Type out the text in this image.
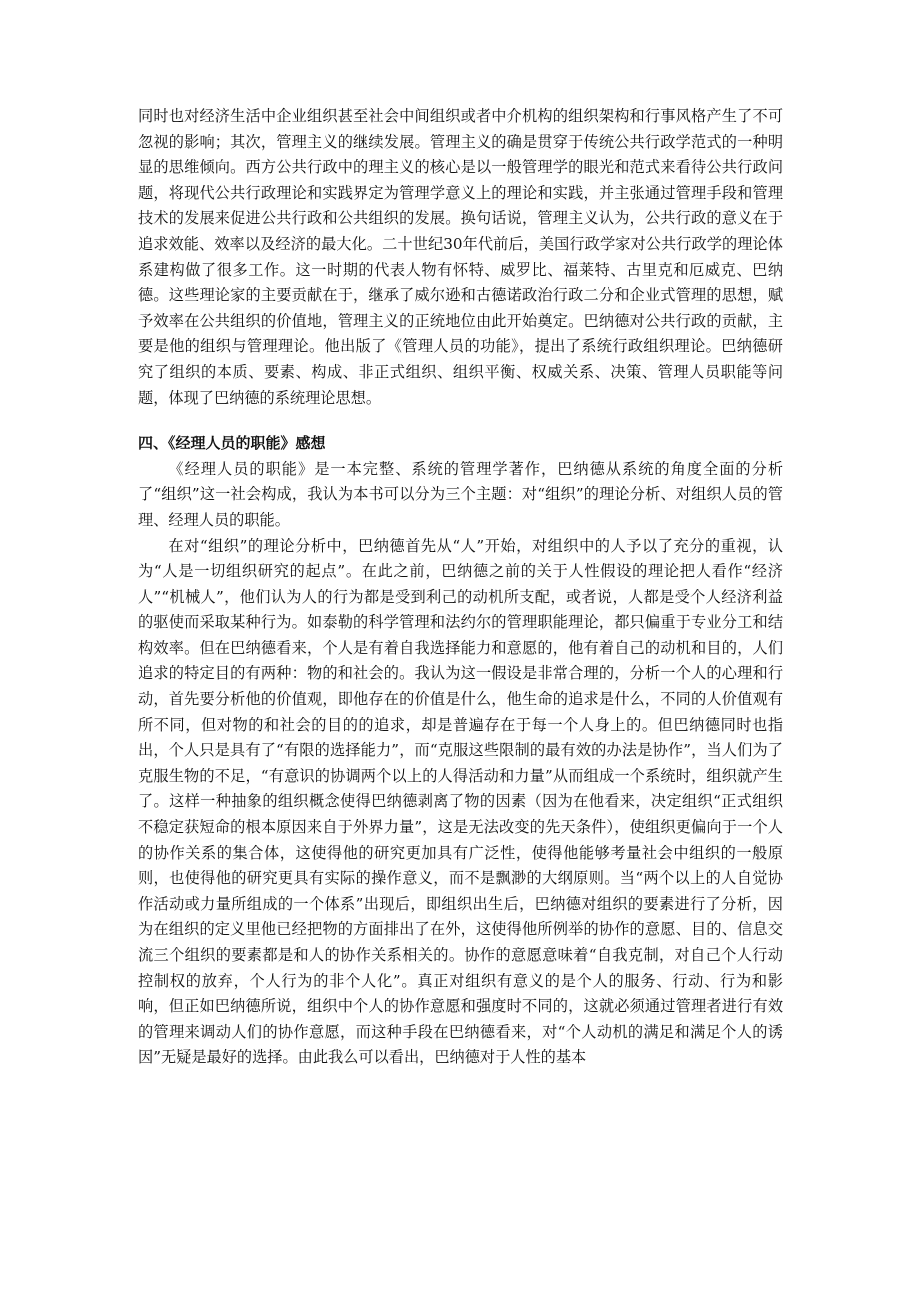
同时也对经济生活中企业组织甚至社会中间组织或者中介机构的组织架构和行事风格产生了不可忽视的影响；其次，管理主义的继续发展。管理主义的确是贯穿于传统公共行政学范式的一种明显的思维倾向。西方公共行政中的理主义的核心是以一般管理学的眼光和范式来看待公共行政问题，将现代公共行政理论和实践界定为管理学意义上的理论和实践，并主张通过管理手段和管理技术的发展来促进公共行政和公共组织的发展。换句话说，管理主义认为，公共行政的意义在于追求效能、效率以及经济的最大化。二十世纪30年代前后，美国行政学家对公共行政学的理论体系建构做了很多工作。这一时期的代表人物有怀特、威罗比、福莱特、古里克和厄威克、巴纳德。这些理论家的主要贡献在于，继承了威尔逊和古德诺政治行政二分和企业式管理的思想，赋予效率在公共组织的价值地，管理主义的正统地位由此开始奠定。巴纳德对公共行政的贡献，主要是他的组织与管理理论。他出版了《管理人员的功能》，提出了系统行政组织理论。巴纳德研究了组织的本质、要素、构成、非正式组织、组织平衡、权威关系、决策、管理人员职能等问题，体现了巴纳德的系统理论思想。

四、《经理人员的职能》感想

《经理人员的职能》是一本完整、系统的管理学著作，巴纳德从系统的角度全面的分析了“组织”这一社会构成，我认为本书可以分为三个主题：对“组织”的理论分析、对组织人员的管理、经理人员的职能。

在对“组织”的理论分析中，巴纳德首先从“人”开始，对组织中的人予以了充分的重视，认为“人是一切组织研究的起点”。在此之前，巴纳德之前的关于人性假设的理论把人看作“经济人”“机械人”，他们认为人的行为都是受到利己的动机所支配，或者说，人都是受个人经济利益的驱使而采取某种行为。如泰勒的科学管理和法约尔的管理职能理论，都只偏重于专业分工和结构效率。但在巴纳德看来，个人是有着自我选择能力和意愿的，他有着自己的动机和目的，人们追求的特定目的有两种：物的和社会的。我认为这一假设是非常合理的，分析一个人的心理和行动，首先要分析他的价值观，即他存在的价值是什么，他生命的追求是什么，不同的人价值观有所不同，但对物的和社会的目的的追求，却是普遍存在于每一个人身上的。但巴纳德同时也指出，个人只是具有了“有限的选择能力”，而“克服这些限制的最有效的办法是协作”，当人们为了克服生物的不足，“有意识的协调两个以上的人得活动和力量”从而组成一个系统时，组织就产生了。这样一种抽象的组织概念使得巴纳德剥离了物的因素（因为在他看来，决定组织“正式组织不稳定获短命的根本原因来自于外界力量”，这是无法改变的先天条件），使组织更偏向于一个人的协作关系的集合体，这使得他的研究更加具有广泛性，使得他能够考量社会中组织的一般原则，也使得他的研究更具有实际的操作意义，而不是飘渺的大纲原则。当“两个以上的人自觉协作活动或力量所组成的一个体系”出现后，即组织出生后，巴纳德对组织的要素进行了分析，因为在组织的定义里他已经把物的方面排出了在外，这使得他所例举的协作的意愿、目的、信息交流三个组织的要素都是和人的协作关系相关的。协作的意愿意味着“自我克制，对自己个人行动控制权的放弃，个人行为的非个人化”。真正对组织有意义的是个人的服务、行动、行为和影响，但正如巴纳德所说，组织中个人的协作意愿和强度时不同的，这就必须通过管理者进行有效的管理来调动人们的协作意愿，而这种手段在巴纳德看来，对“个人动机的满足和满足个人的诱因”无疑是最好的选择。由此我么可以看出，巴纳德对于人性的基本
